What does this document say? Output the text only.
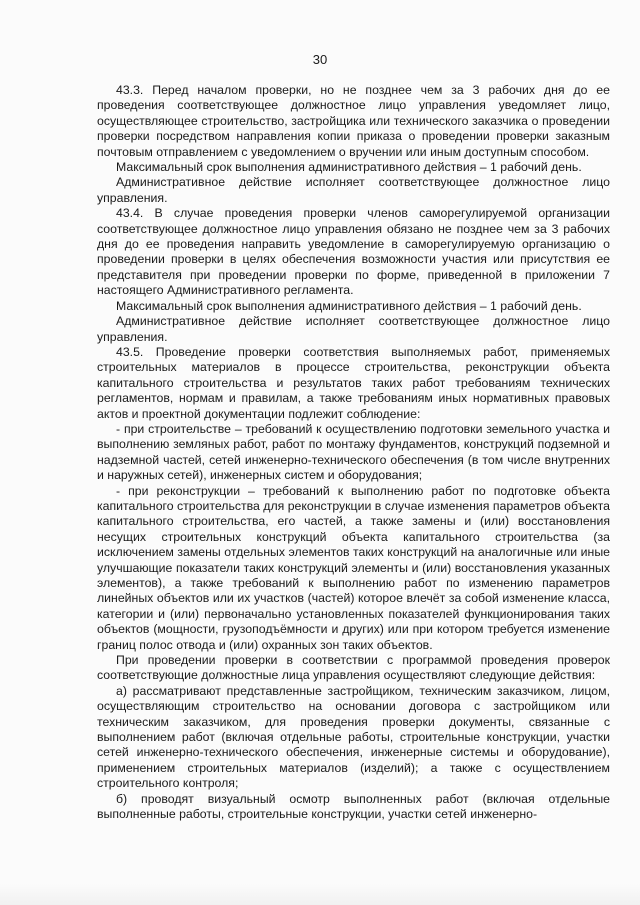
30

43.3. Перед началом проверки, но не позднее чем за 3 рабочих дня до ее проведения соответствующее должностное лицо управления уведомляет лицо, осуществляющее строительство, застройщика или технического заказчика о проведении проверки посредством направления копии приказа о проведении проверки заказным почтовым отправлением с уведомлением о вручении или иным доступным способом.

Максимальный срок выполнения административного действия – 1 рабочий день.

Административное действие исполняет соответствующее должностное лицо управления.

43.4. В случае проведения проверки членов саморегулируемой организации соответствующее должностное лицо управления обязано не позднее чем за 3 рабочих дня до ее проведения направить уведомление в саморегулируемую организацию о проведении проверки в целях обеспечения возможности участия или присутствия ее представителя при проведении проверки по форме, приведенной в приложении 7 настоящего Административного регламента.

Максимальный срок выполнения административного действия – 1 рабочий день.

Административное действие исполняет соответствующее должностное лицо управления.

43.5. Проведение проверки соответствия выполняемых работ, применяемых строительных материалов в процессе строительства, реконструкции объекта капитального строительства и результатов таких работ требованиям технических регламентов, нормам и правилам, а также требованиям иных нормативных правовых актов и проектной документации подлежит соблюдение:

- при строительстве – требований к осуществлению подготовки земельного участка и выполнению земляных работ, работ по монтажу фундаментов, конструкций подземной и надземной частей, сетей инженерно-технического обеспечения (в том числе внутренних и наружных сетей), инженерных систем и оборудования;

- при реконструкции – требований к выполнению работ по подготовке объекта капитального строительства для реконструкции в случае изменения параметров объекта капитального строительства, его частей, а также замены и (или) восстановления несущих строительных конструкций объекта капитального строительства (за исключением замены отдельных элементов таких конструкций на аналогичные или иные улучшающие показатели таких конструкций элементы и (или) восстановления указанных элементов), а также требований к выполнению работ по изменению параметров линейных объектов или их участков (частей) которое влечёт за собой изменение класса, категории и (или) первоначально установленных показателей функционирования таких объектов (мощности, грузоподъёмности и других) или при котором требуется изменение границ полос отвода и (или) охранных зон таких объектов.

При проведении проверки в соответствии с программой проведения проверок соответствующие должностные лица управления осуществляют следующие действия:

а) рассматривают представленные застройщиком, техническим заказчиком, лицом, осуществляющим строительство на основании договора с застройщиком или техническим заказчиком, для проведения проверки документы, связанные с выполнением работ (включая отдельные работы, строительные конструкции, участки сетей инженерно-технического обеспечения, инженерные системы и оборудование), применением строительных материалов (изделий); а также с осуществлением строительного контроля;

б) проводят визуальный осмотр выполненных работ (включая отдельные выполненные работы, строительные конструкции, участки сетей инженерно-
